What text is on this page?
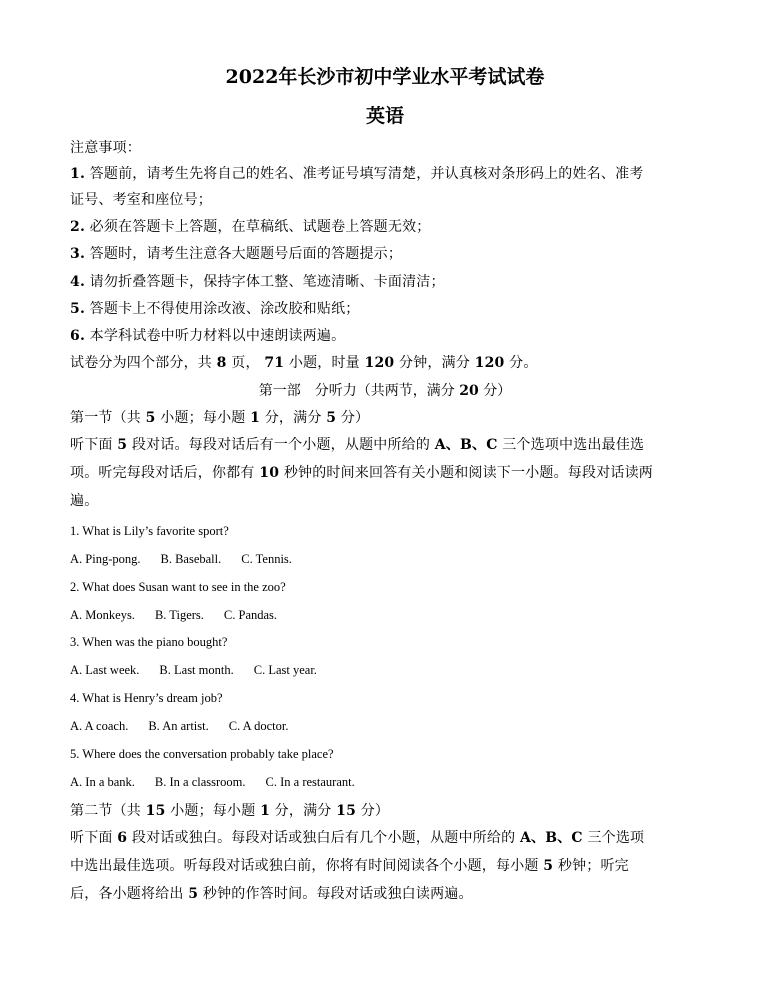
2022年长沙市初中学业水平考试试卷
英语
注意事项：
1. 答题前，请考生先将自己的姓名、准考证号填写清楚，并认真核对条形码上的姓名、准考
证号、考室和座位号；
2. 必须在答题卡上答题，在草稿纸、试题卷上答题无效；
3. 答题时，请考生注意各大题题号后面的答题提示；
4. 请勿折叠答题卡，保持字体工整、笔迹清晰、卡面清洁；
5. 答题卡上不得使用涂改液、涂改胶和贴纸；
6. 本学科试卷中听力材料以中速朗读两遍。
试卷分为四个部分，共 8 页， 71 小题，时量 120 分钟，满分 120 分。
第一部　分听力（共两节，满分 20 分）
第一节（共 5 小题；每小题 1 分，满分 5 分）
听下面 5 段对话。每段对话后有一个小题，从题中所给的 A、B、C 三个选项中选出最佳选
项。听完每段对话后，你都有 10 秒钟的时间来回答有关小题和阅读下一小题。每段对话读两
遍。
1. What is Lily’s favorite sport?
A. Ping-pong. B. Baseball. C. Tennis.
2. What does Susan want to see in the zoo?
A. Monkeys. B. Tigers. C. Pandas.
3. When was the piano bought?
A. Last week. B. Last month. C. Last year.
4. What is Henry’s dream job?
A. A coach. B. An artist. C. A doctor.
5. Where does the conversation probably take place?
A. In a bank. B. In a classroom. C. In a restaurant.
第二节（共 15 小题；每小题 1 分，满分 15 分）
听下面 6 段对话或独白。每段对话或独白后有几个小题，从题中所给的 A、B、C 三个选项
中选出最佳选项。听每段对话或独白前，你将有时间阅读各个小题，每小题 5 秒钟；听完
后，各小题将给出 5 秒钟的作答时间。每段对话或独白读两遍。
